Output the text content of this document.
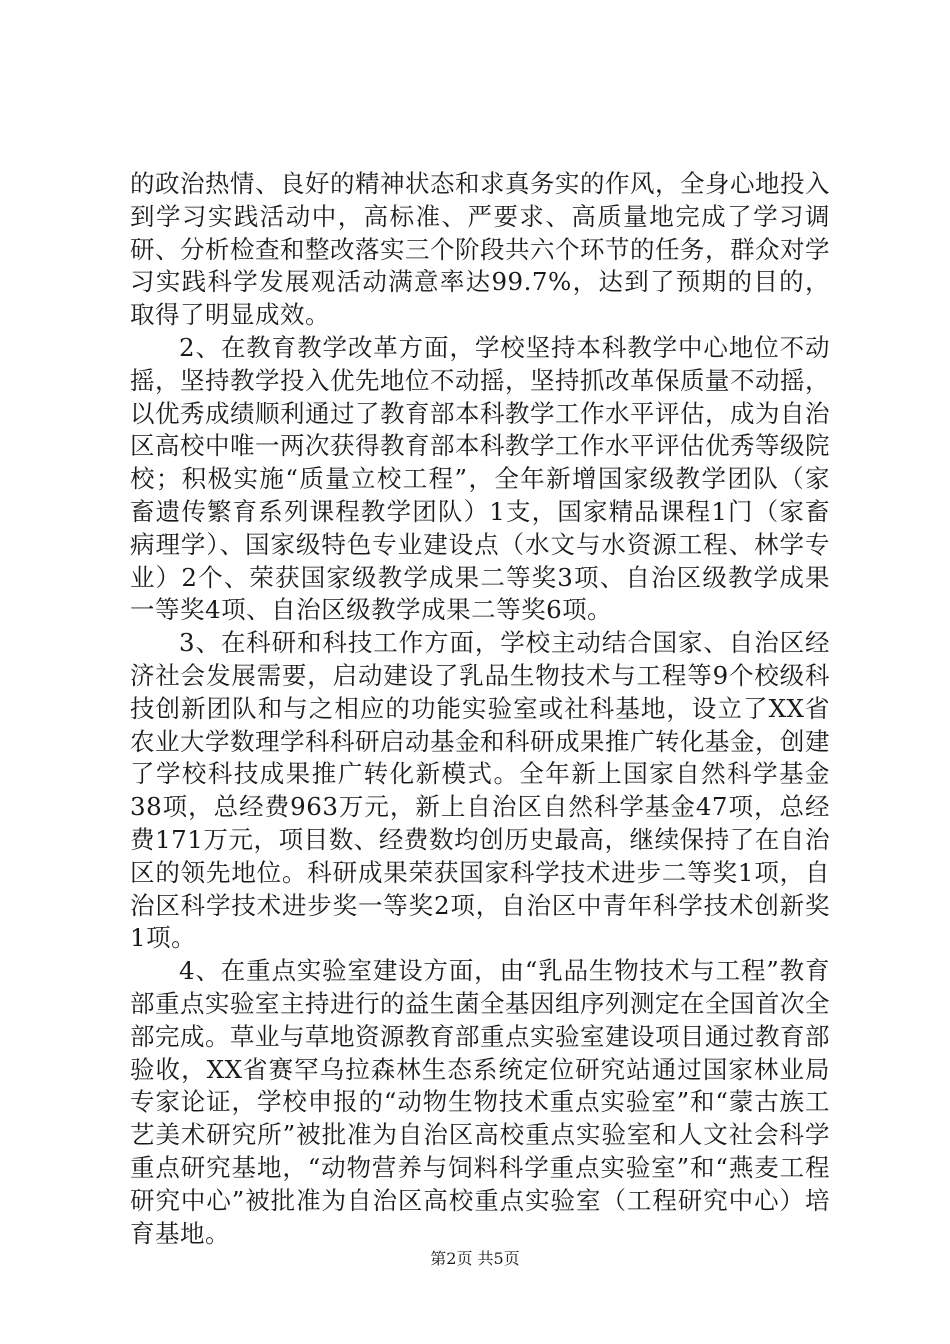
的政治热情、良好的精神状态和求真务实的作风，全身心地投入到学习实践活动中，高标准、严要求、高质量地完成了学习调研、分析检查和整改落实三个阶段共六个环节的任务，群众对学习实践科学发展观活动满意率达99.7%，达到了预期的目的，取得了明显成效。

2、在教育教学改革方面，学校坚持本科教学中心地位不动摇，坚持教学投入优先地位不动摇，坚持抓改革保质量不动摇，以优秀成绩顺利通过了教育部本科教学工作水平评估，成为自治区高校中唯一两次获得教育部本科教学工作水平评估优秀等级院校；积极实施“质量立校工程”，全年新增国家级教学团队（家畜遗传繁育系列课程教学团队）1支，国家精品课程1门（家畜病理学）、国家级特色专业建设点（水文与水资源工程、林学专业）2个、荣获国家级教学成果二等奖3项、自治区级教学成果一等奖4项、自治区级教学成果二等奖6项。

3、在科研和科技工作方面，学校主动结合国家、自治区经济社会发展需要，启动建设了乳品生物技术与工程等9个校级科技创新团队和与之相应的功能实验室或社科基地，设立了XX省农业大学数理学科科研启动基金和科研成果推广转化基金，创建了学校科技成果推广转化新模式。全年新上国家自然科学基金38项，总经费963万元，新上自治区自然科学基金47项，总经费171万元，项目数、经费数均创历史最高，继续保持了在自治区的领先地位。科研成果荣获国家科学技术进步二等奖1项，自治区科学技术进步奖一等奖2项，自治区中青年科学技术创新奖1项。

4、在重点实验室建设方面，由“乳品生物技术与工程”教育部重点实验室主持进行的益生菌全基因组序列测定在全国首次全部完成。草业与草地资源教育部重点实验室建设项目通过教育部验收，XX省赛罕乌拉森林生态系统定位研究站通过国家林业局专家论证，学校申报的“动物生物技术重点实验室”和“蒙古族工艺美术研究所”被批准为自治区高校重点实验室和人文社会科学重点研究基地，“动物营养与饲料科学重点实验室”和“燕麦工程研究中心”被批准为自治区高校重点实验室（工程研究中心）培育基地。

第2页 共5页
